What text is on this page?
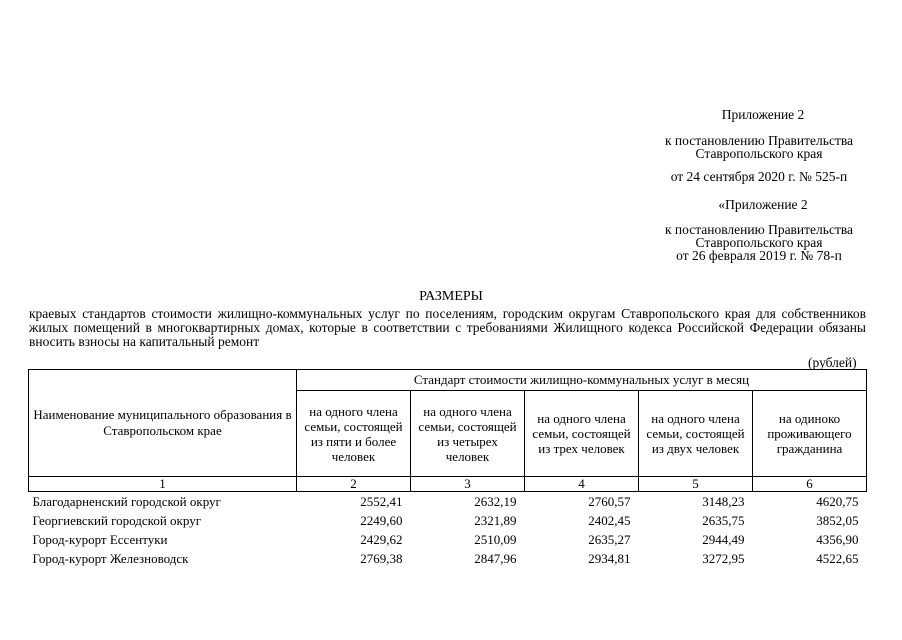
Приложение 2
к постановлению Правительства
Ставропольского края
от 24 сентября 2020 г. № 525-п
«Приложение 2
к постановлению Правительства
Ставропольского края
от 26 февраля 2019 г. № 78-п
РАЗМЕРЫ
краевых стандартов стоимости жилищно-коммунальных услуг по поселениям, городским округам Ставропольского края для собственников жилых помещений в многоквартирных домах, которые в соответствии с требованиями Жилищного кодекса Российской Федерации обязаны вносить взносы на капитальный ремонт
(рублей)
Наименование муниципального образования в Ставропольском крае	Стандарт стоимости жилищно-коммунальных услуг в месяц				
	на одного члена семьи, состоящей из пяти и более человек	на одного члена семьи, состоящей из четырех человек	на одного члена семьи, состоящей из трех человек	на одного члена семьи, состоящей из двух человек	на одиноко проживающего гражданина
1	2	3	4	5	6
Благодарненский городской округ	2552,41	2632,19	2760,57	3148,23	4620,75
Георгиевский городской округ	2249,60	2321,89	2402,45	2635,75	3852,05
Город-курорт Ессентуки	2429,62	2510,09	2635,27	2944,49	4356,90
Город-курорт Железноводск	2769,38	2847,96	2934,81	3272,95	4522,65
